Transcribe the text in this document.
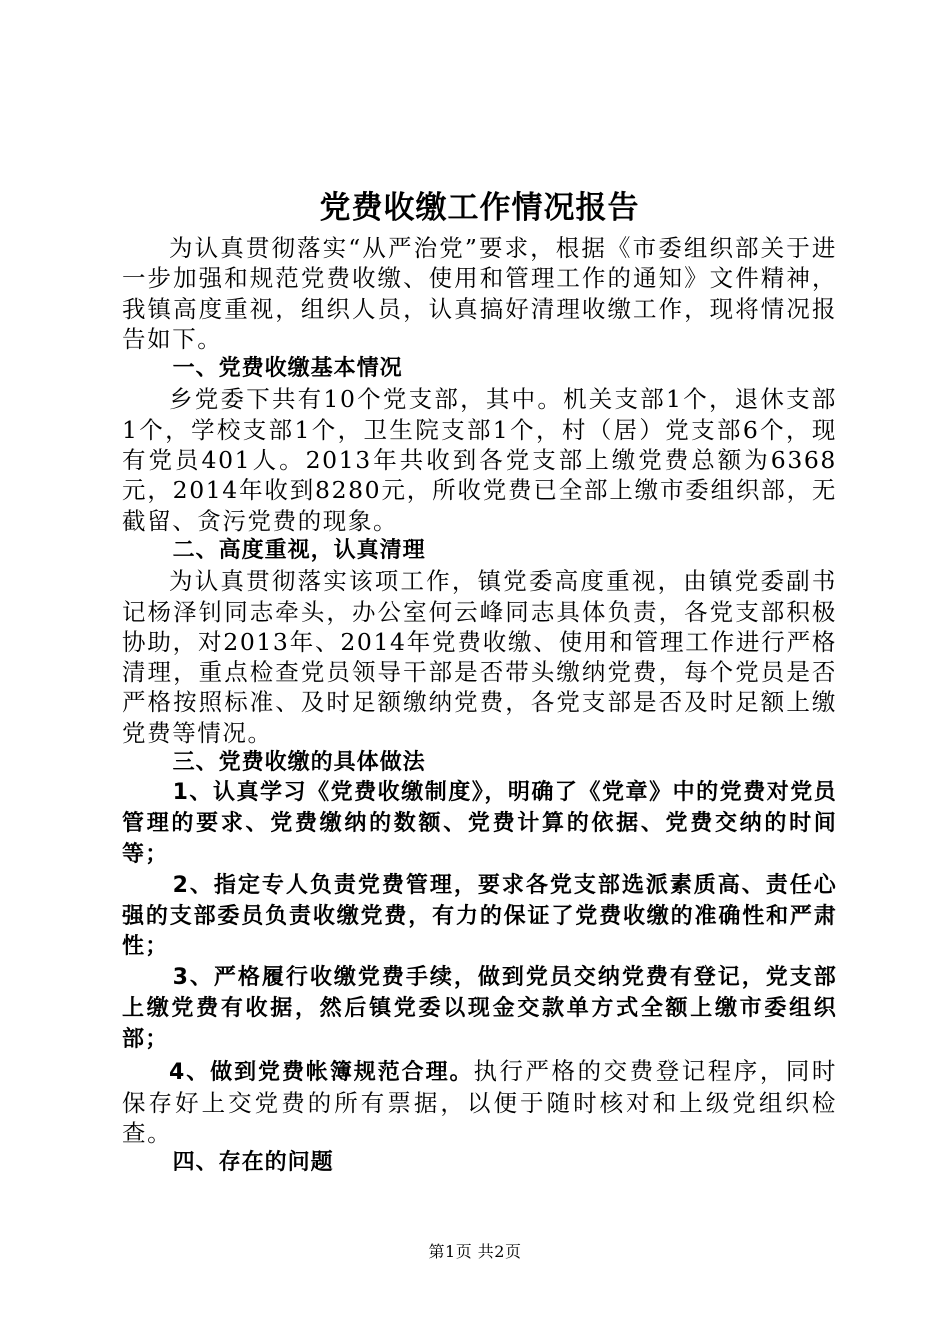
党费收缴工作情况报告

为认真贯彻落实“从严治党”要求，根据《市委组织部关于进一步加强和规范党费收缴、使用和管理工作的通知》文件精神，我镇高度重视，组织人员，认真搞好清理收缴工作，现将情况报告如下。

一、党费收缴基本情况

乡党委下共有10个党支部，其中。机关支部1个，退休支部1个，学校支部1个，卫生院支部1个，村（居）党支部6个，现有党员401人。2013年共收到各党支部上缴党费总额为6368元，2014年收到8280元，所收党费已全部上缴市委组织部，无截留、贪污党费的现象。

二、高度重视，认真清理

为认真贯彻落实该项工作，镇党委高度重视，由镇党委副书记杨泽钊同志牵头，办公室何云峰同志具体负责，各党支部积极协助，对2013年、2014年党费收缴、使用和管理工作进行严格清理，重点检查党员领导干部是否带头缴纳党费，每个党员是否严格按照标准、及时足额缴纳党费，各党支部是否及时足额上缴党费等情况。

三、党费收缴的具体做法

1、认真学习《党费收缴制度》，明确了《党章》中的党费对党员管理的要求、党费缴纳的数额、党费计算的依据、党费交纳的时间等；

2、指定专人负责党费管理，要求各党支部选派素质高、责任心强的支部委员负责收缴党费，有力的保证了党费收缴的准确性和严肃性；

3、严格履行收缴党费手续，做到党员交纳党费有登记，党支部上缴党费有收据，然后镇党委以现金交款单方式全额上缴市委组织部；

4、做到党费帐簿规范合理。执行严格的交费登记程序，同时保存好上交党费的所有票据，以便于随时核对和上级党组织检查。

四、存在的问题

第1页 共2页
